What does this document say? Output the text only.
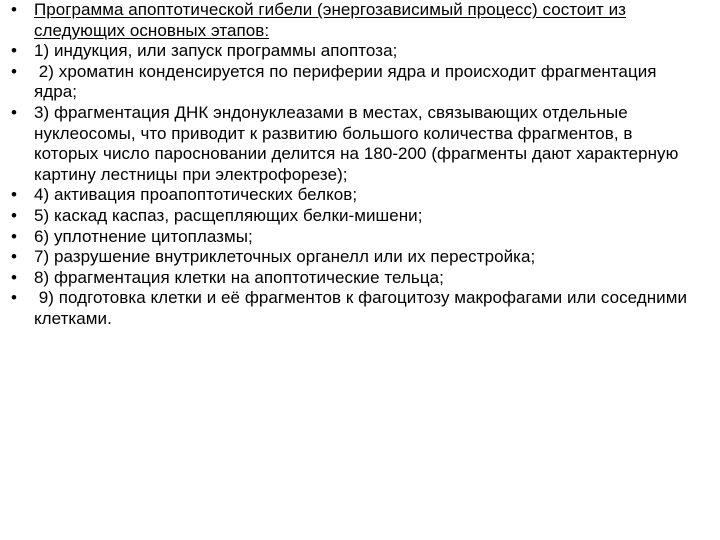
• Программа апоптотической гибели (энергозависимый процесс) состоит из следующих основных этапов:
• 1) индукция, или запуск программы апоптоза;
• 2) хроматин конденсируется по периферии ядра и происходит фрагментация ядра;
• 3) фрагментация ДНК эндонуклеазами в местах, связывающих отдельные нуклеосомы, что приводит к развитию большого количества фрагментов, в которых число паросновании делится на 180-200 (фрагменты дают характерную картину лестницы при электрофорезе);
• 4) активация проапоптотических белков;
• 5) каскад каспаз, расщепляющих белки-мишени;
• 6) уплотнение цитоплазмы;
• 7) разрушение внутриклеточных органелл или их перестройка;
• 8) фрагментация клетки на апоптотические тельца;
• 9) подготовка клетки и её фрагментов к фагоцитозу макрофагами или соседними клетками.
